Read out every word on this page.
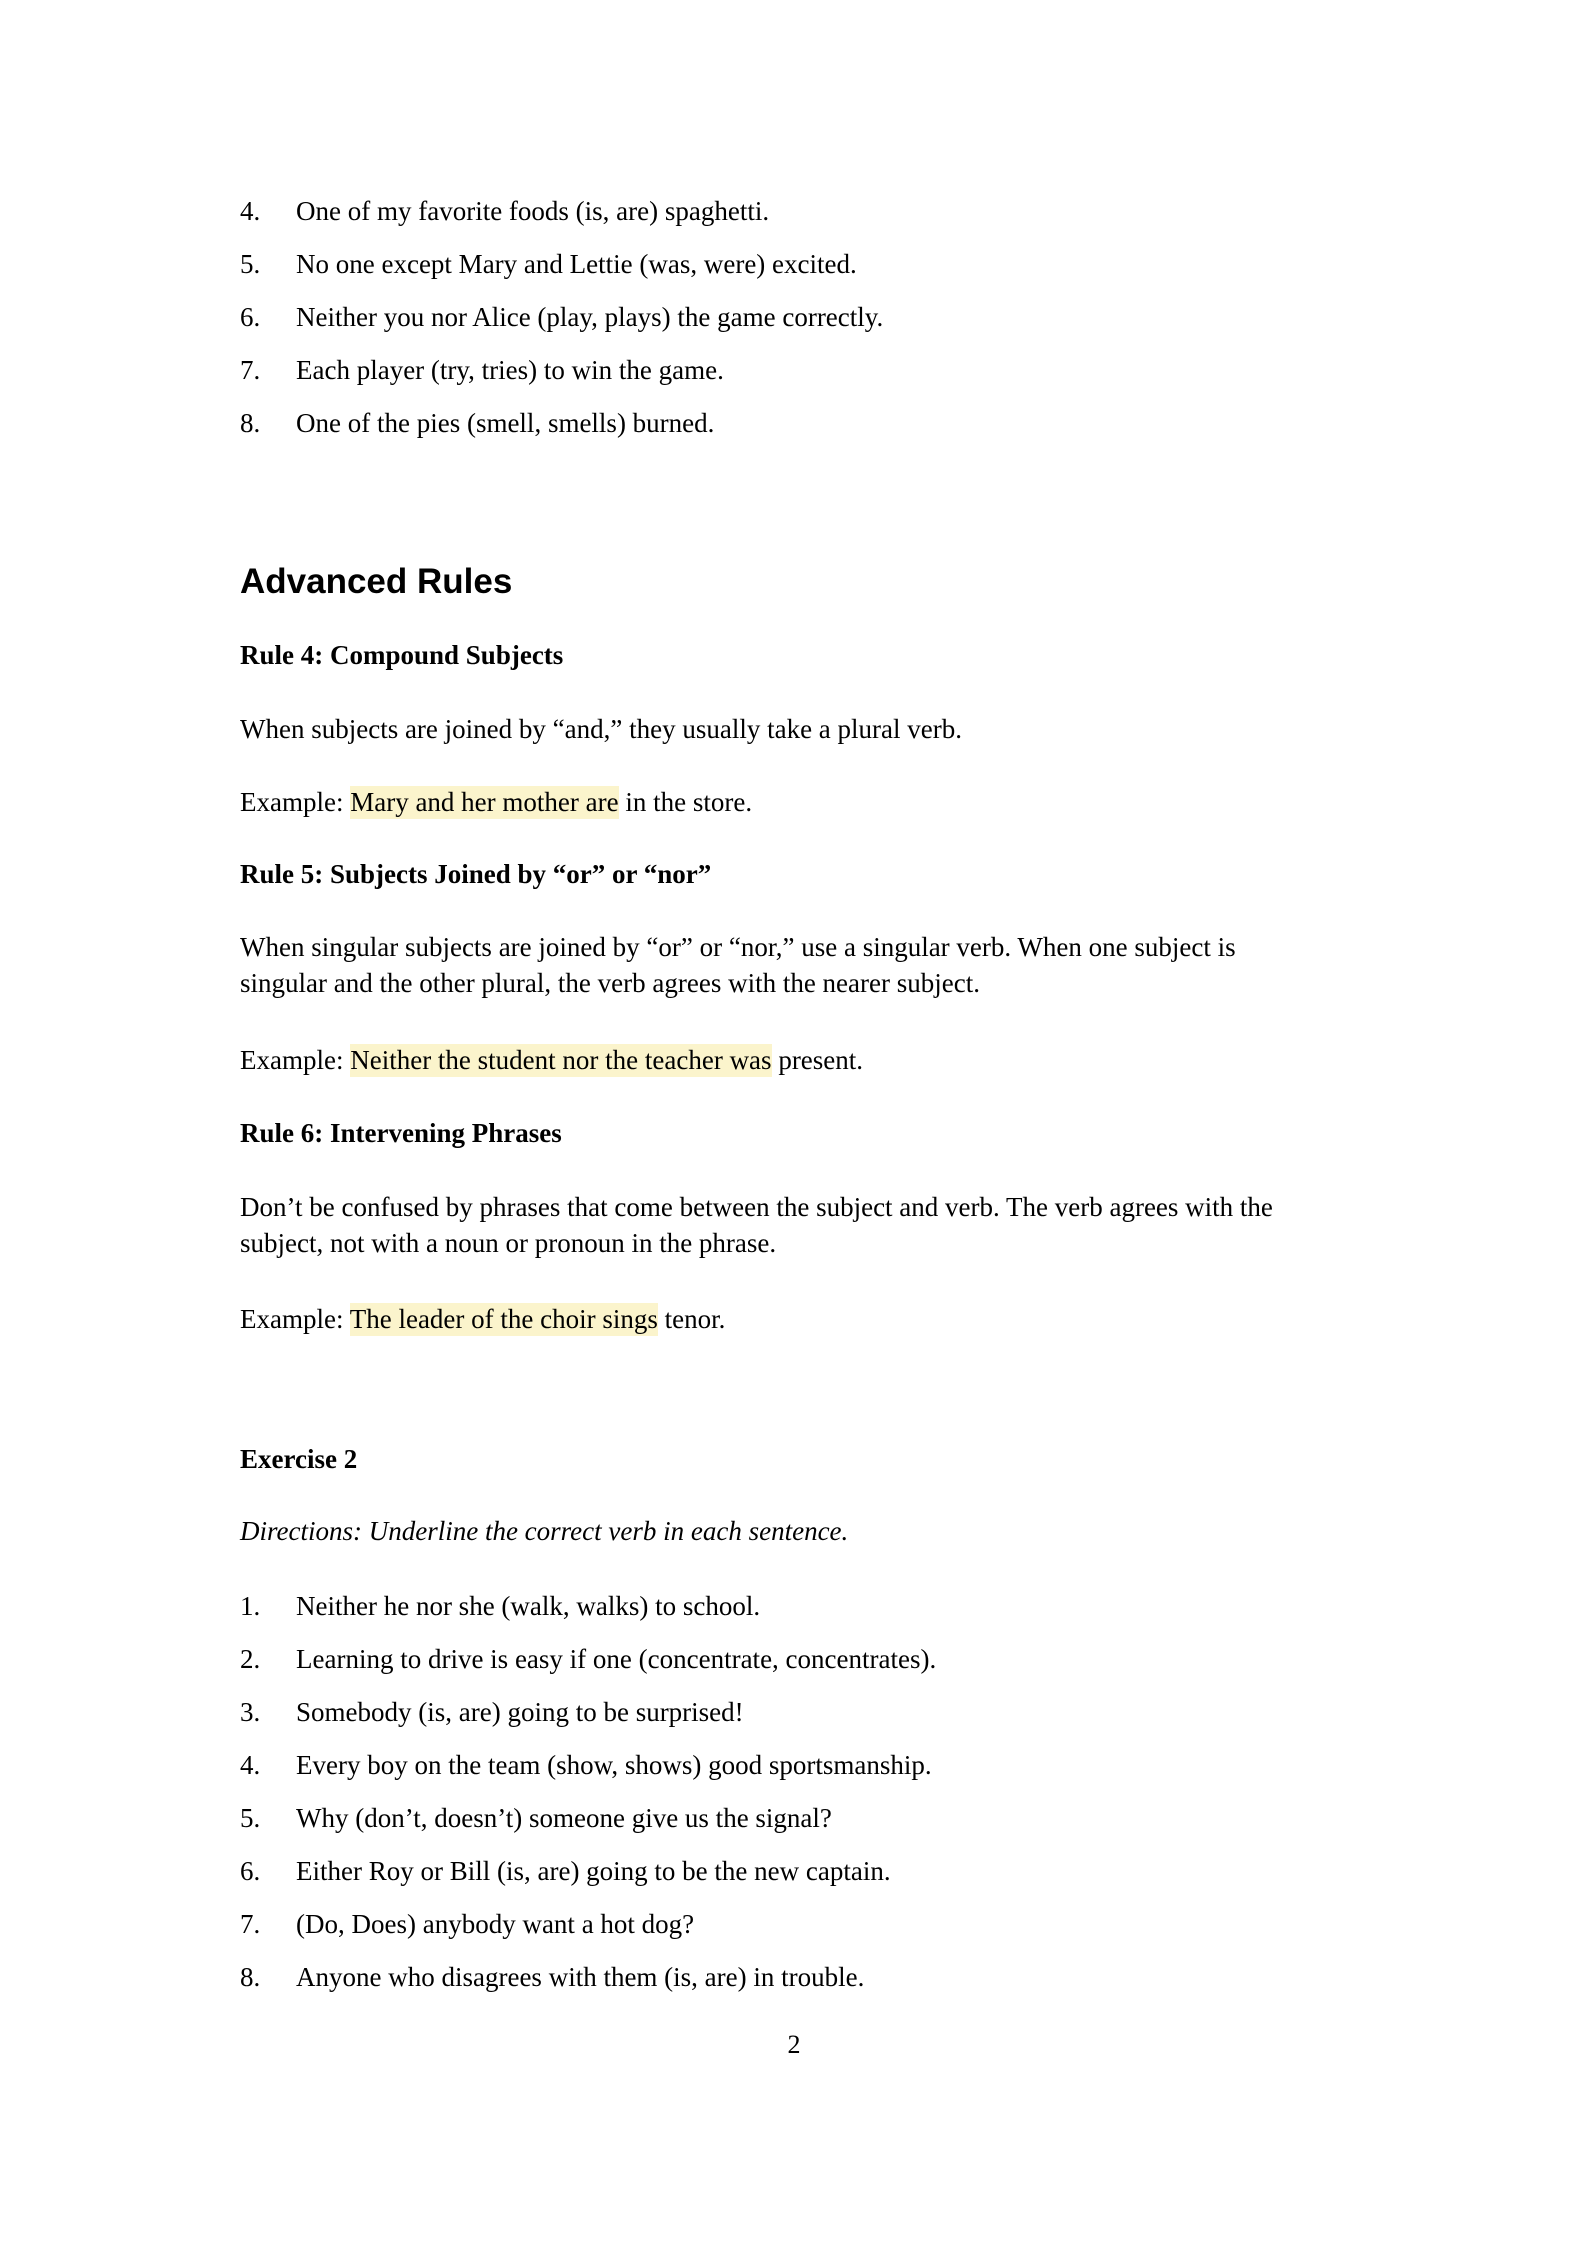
4.	One of my favorite foods (is, are) spaghetti.
5.	No one except Mary and Lettie (was, were) excited.
6.	Neither you nor Alice (play, plays) the game correctly.
7.	Each player (try, tries) to win the game.
8.	One of the pies (smell, smells) burned.
Advanced Rules
Rule 4: Compound Subjects

When subjects are joined by “and,” they usually take a plural verb.

Example: Mary and her mother are in the store.

Rule 5: Subjects Joined by “or” or “nor”

When singular subjects are joined by “or” or “nor,” use a singular verb. When one subject is singular and the other plural, the verb agrees with the nearer subject.

Example: Neither the student nor the teacher was present.

Rule 6: Intervening Phrases

Don’t be confused by phrases that come between the subject and verb. The verb agrees with the subject, not with a noun or pronoun in the phrase.

Example: The leader of the choir sings tenor.

Exercise 2

Directions: Underline the correct verb in each sentence.

1.	Neither he nor she (walk, walks) to school.
2.	Learning to drive is easy if one (concentrate, concentrates).
3.	Somebody (is, are) going to be surprised!
4.	Every boy on the team (show, shows) good sportsmanship.
5.	Why (don’t, doesn’t) someone give us the signal?
6.	Either Roy or Bill (is, are) going to be the new captain.
7.	(Do, Does) anybody want a hot dog?
8.	Anyone who disagrees with them (is, are) in trouble.
2
